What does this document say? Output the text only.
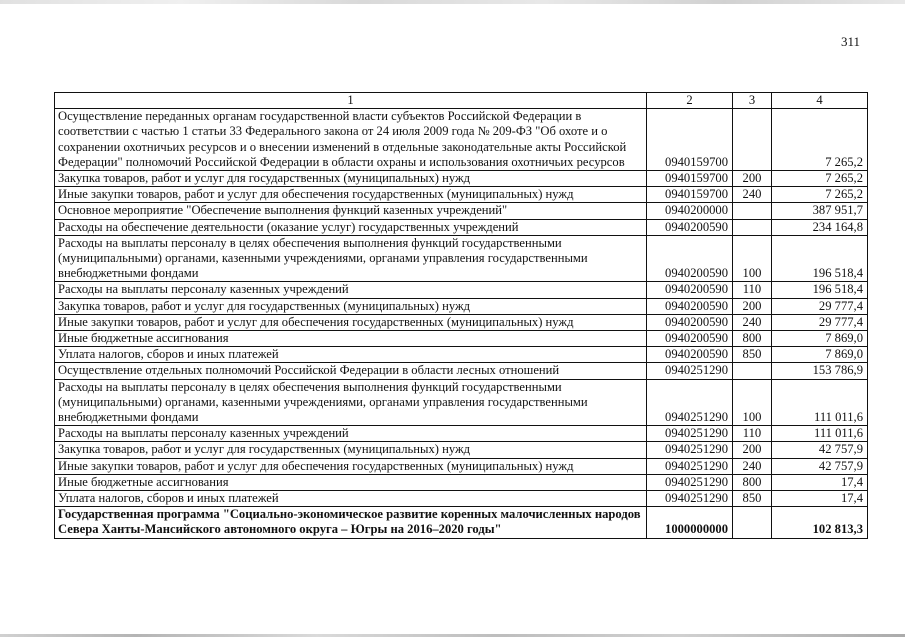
311
1	2	3	4
Осуществление переданных органам государственной власти субъектов Российской Федерации в соответствии с частью 1 статьи 33 Федерального закона от 24 июля 2009 года № 209-ФЗ "Об охоте и о сохранении охотничьих ресурсов и о внесении изменений в отдельные законодательные акты Российской Федерации" полномочий Российской Федерации в области охраны и использования охотничьих ресурсов	0940159700		7 265,2
Закупка товаров, работ и услуг для государственных (муниципальных) нужд	0940159700	200	7 265,2
Иные закупки товаров, работ и услуг для обеспечения государственных (муниципальных) нужд	0940159700	240	7 265,2
Основное мероприятие "Обеспечение выполнения функций казенных учреждений"	0940200000		387 951,7
Расходы на обеспечение деятельности (оказание услуг) государственных учреждений	0940200590		234 164,8
Расходы на выплаты персоналу в целях обеспечения выполнения функций государственными (муниципальными) органами, казенными учреждениями, органами управления государственными внебюджетными фондами	0940200590	100	196 518,4
Расходы на выплаты персоналу казенных учреждений	0940200590	110	196 518,4
Закупка товаров, работ и услуг для государственных (муниципальных) нужд	0940200590	200	29 777,4
Иные закупки товаров, работ и услуг для обеспечения государственных (муниципальных) нужд	0940200590	240	29 777,4
Иные бюджетные ассигнования	0940200590	800	7 869,0
Уплата налогов, сборов и иных платежей	0940200590	850	7 869,0
Осуществление отдельных полномочий Российской Федерации в области лесных отношений	0940251290		153 786,9
Расходы на выплаты персоналу в целях обеспечения выполнения функций государственными (муниципальными) органами, казенными учреждениями, органами управления государственными внебюджетными фондами	0940251290	100	111 011,6
Расходы на выплаты персоналу казенных учреждений	0940251290	110	111 011,6
Закупка товаров, работ и услуг для государственных (муниципальных) нужд	0940251290	200	42 757,9
Иные закупки товаров, работ и услуг для обеспечения государственных (муниципальных) нужд	0940251290	240	42 757,9
Иные бюджетные ассигнования	0940251290	800	17,4
Уплата налогов, сборов и иных платежей	0940251290	850	17,4
Государственная программа "Социально-экономическое развитие коренных малочисленных народов Севера Ханты-Мансийского автономного округа – Югры на 2016–2020 годы"	1000000000		102 813,3
